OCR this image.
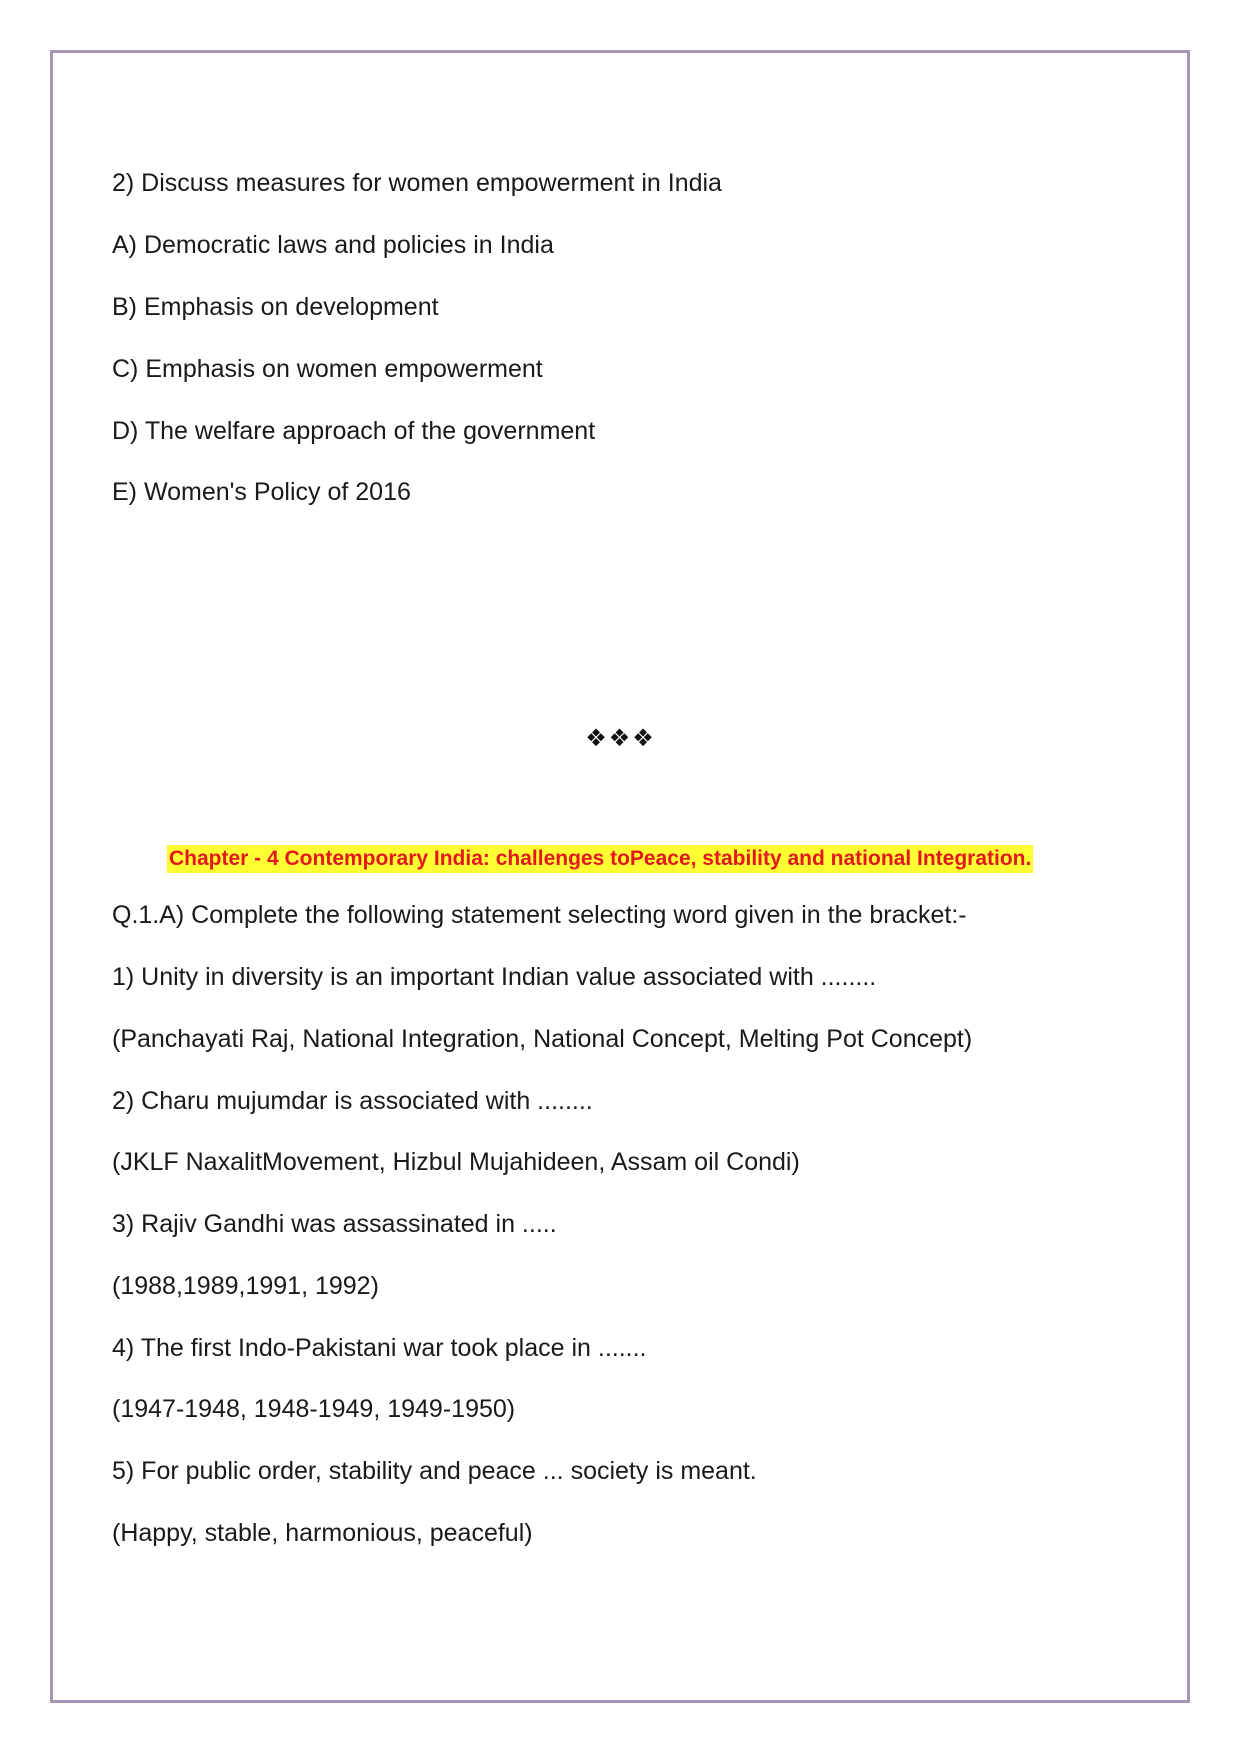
2) Discuss measures for women empowerment in India

A) Democratic laws and policies in India

B) Emphasis on development

C) Emphasis on women empowerment

D) The welfare approach of the government

E) Women's Policy of 2016

❖❖❖
Chapter - 4 Contemporary India: challenges toPeace, stability and national Integration.

Q.1.A) Complete the following statement selecting word given in the bracket:-

1) Unity in diversity is an important Indian value associated with ........

(Panchayati Raj, National Integration, National Concept, Melting Pot Concept)

2) Charu mujumdar is associated with ........

(JKLF NaxalitMovement, Hizbul Mujahideen, Assam oil Condi)

3) Rajiv Gandhi was assassinated in .....

(1988,1989,1991, 1992)

4) The first Indo-Pakistani war took place in .......

(1947-1948, 1948-1949, 1949-1950)

5) For public order, stability and peace ... society is meant.

(Happy, stable, harmonious, peaceful)
